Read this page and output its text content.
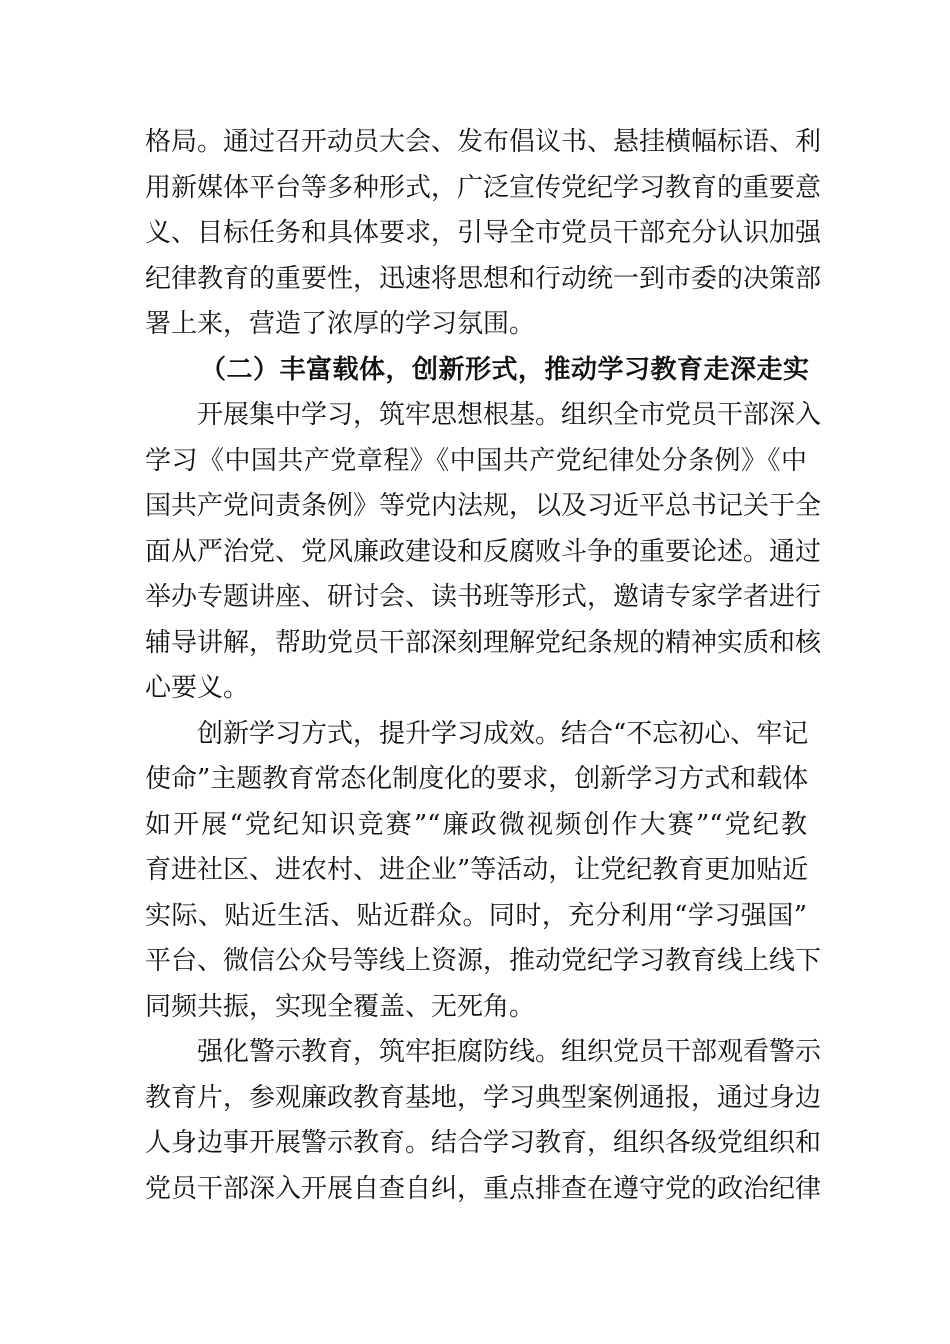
格局。通过召开动员大会、发布倡议书、悬挂横幅标语、利
用新媒体平台等多种形式，广泛宣传党纪学习教育的重要意
义、目标任务和具体要求，引导全市党员干部充分认识加强
纪律教育的重要性，迅速将思想和行动统一到市委的决策部
署上来，营造了浓厚的学习氛围。
（二）丰富载体，创新形式，推动学习教育走深走实
开展集中学习，筑牢思想根基。组织全市党员干部深入
学习《中国共产党章程》《中国共产党纪律处分条例》《中
国共产党问责条例》等党内法规，以及习近平总书记关于全
面从严治党、党风廉政建设和反腐败斗争的重要论述。通过
举办专题讲座、研讨会、读书班等形式，邀请专家学者进行
辅导讲解，帮助党员干部深刻理解党纪条规的精神实质和核
心要义。
创新学习方式，提升学习成效。结合“不忘初心、牢记
使命”主题教育常态化制度化的要求，创新学习方式和载体
如开展“党纪知识竞赛”“廉政微视频创作大赛”“党纪教
育进社区、进农村、进企业”等活动，让党纪教育更加贴近
实际、贴近生活、贴近群众。同时，充分利用“学习强国”
平台、微信公众号等线上资源，推动党纪学习教育线上线下
同频共振，实现全覆盖、无死角。
强化警示教育，筑牢拒腐防线。组织党员干部观看警示
教育片，参观廉政教育基地，学习典型案例通报，通过身边
人身边事开展警示教育。结合学习教育，组织各级党组织和
党员干部深入开展自查自纠，重点排查在遵守党的政治纪律
